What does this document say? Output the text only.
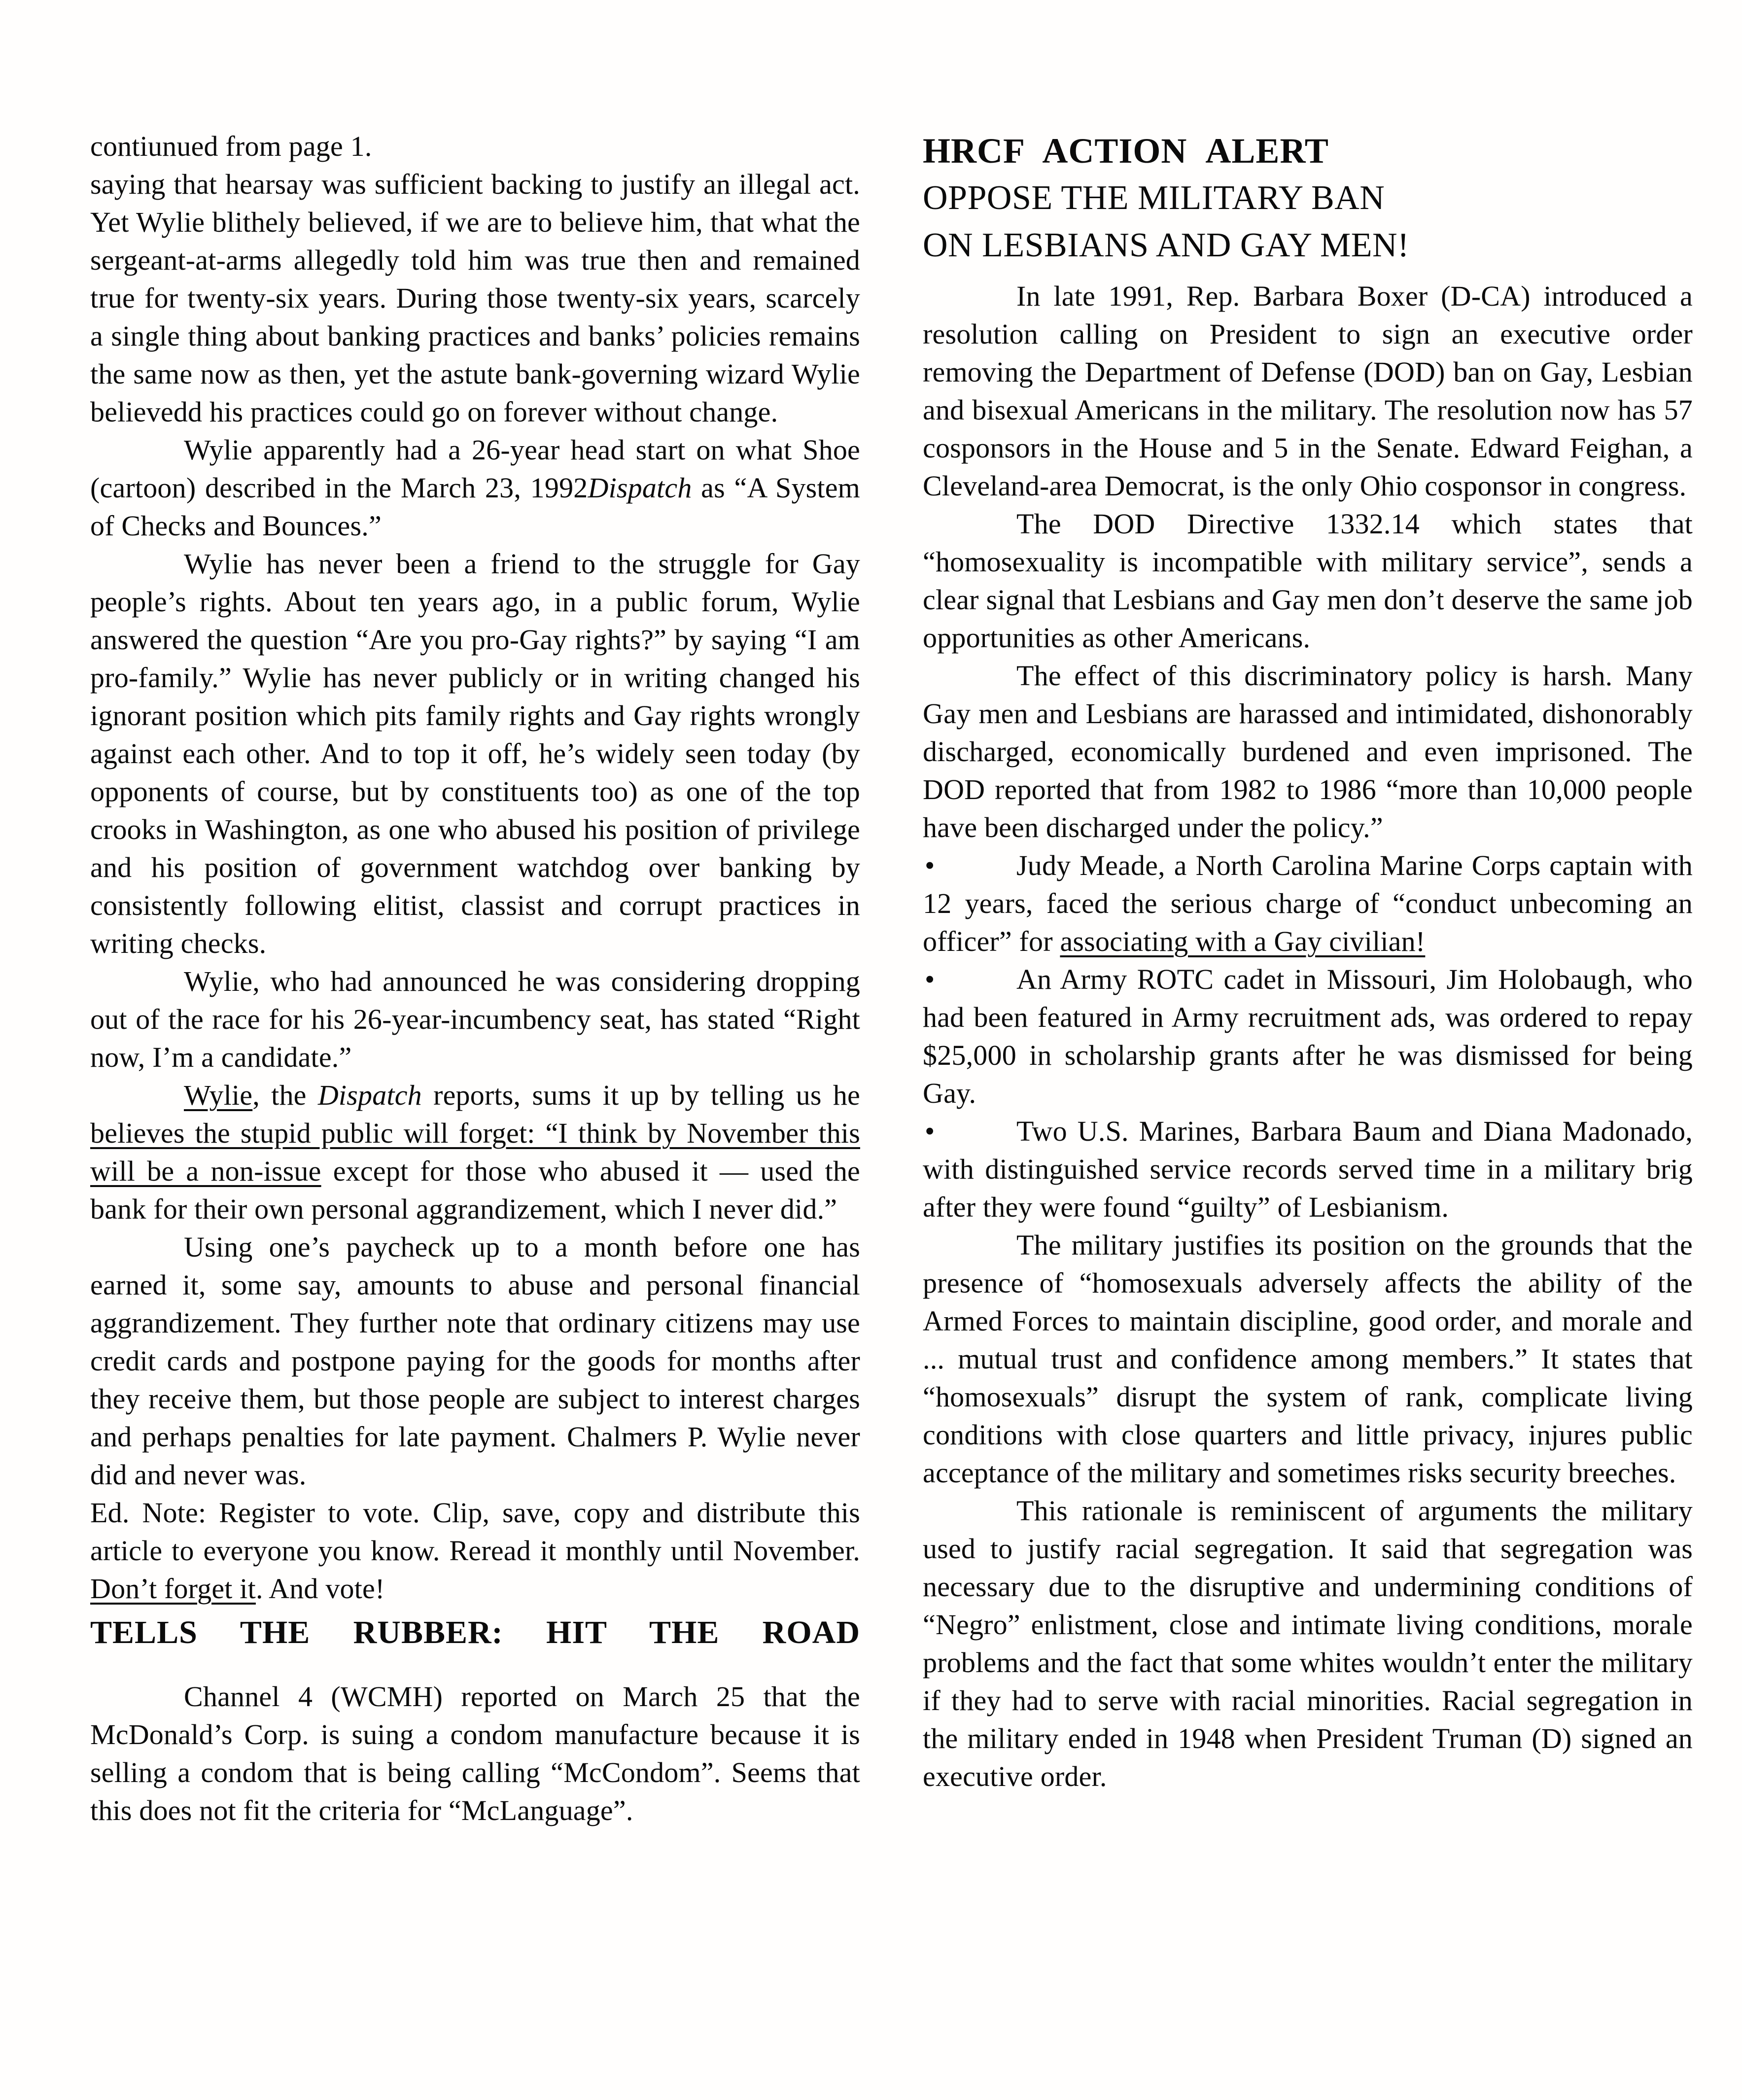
contiunued from page 1.

saying that hearsay was sufficient backing to justify an illegal act. Yet Wylie blithely believed, if we are to believe him, that what the sergeant-at-arms allegedly told him was true then and remained true for twenty-six years. During those twenty-six years, scarcely a single thing about banking practices and banks’ policies remains the same now as then, yet the astute bank-governing wizard Wylie believedd his practices could go on forever without change.

Wylie apparently had a 26-year head start on what Shoe (cartoon) described in the March 23, 1992Dispatch as “A System of Checks and Bounces.”

Wylie has never been a friend to the struggle for Gay people’s rights. About ten years ago, in a public forum, Wylie answered the question “Are you pro-Gay rights?” by saying “I am pro-family.” Wylie has never publicly or in writing changed his ignorant position which pits family rights and Gay rights wrongly against each other. And to top it off, he’s widely seen today (by opponents of course, but by constituents too) as one of the top crooks in Washington, as one who abused his position of privilege and his position of government watchdog over banking by consistently following elitist, classist and corrupt practices in writing checks.

Wylie, who had announced he was considering dropping out of the race for his 26-year-incumbency seat, has stated “Right now, I’m a candidate.”

Wylie, the Dispatch reports, sums it up by telling us he believes the stupid public will forget: “I think by November this will be a non-issue except for those who abused it — used the bank for their own personal aggrandizement, which I never did.”

Using one’s paycheck up to a month before one has earned it, some say, amounts to abuse and personal financial aggrandizement. They further note that ordinary citizens may use credit cards and postpone paying for the goods for months after they receive them, but those people are subject to interest charges and perhaps penalties for late payment. Chalmers P. Wylie never did and never was.

Ed. Note: Register to vote. Clip, save, copy and distribute this article to everyone you know. Reread it monthly until November. Don’t forget it. And vote!

TELLS THE RUBBER: HIT THE ROAD

Channel 4 (WCMH) reported on March 25 that the McDonald’s Corp. is suing a condom manufacture because it is selling a condom that is being calling “McCondom”. Seems that this does not fit the criteria for “McLanguage”.

HRCF ACTION ALERT
OPPOSE THE MILITARY BAN
ON LESBIANS AND GAY MEN!

In late 1991, Rep. Barbara Boxer (D-CA) introduced a resolution calling on President to sign an executive order removing the Department of Defense (DOD) ban on Gay, Lesbian and bisexual Americans in the military. The resolution now has 57 cosponsors in the House and 5 in the Senate. Edward Feighan, a Cleveland-area Democrat, is the only Ohio cosponsor in congress.

The DOD Directive 1332.14 which states that “homosexuality is incompatible with military service”, sends a clear signal that Lesbians and Gay men don’t deserve the same job opportunities as other Americans.

The effect of this discriminatory policy is harsh. Many Gay men and Lesbians are harassed and intimidated, dishonorably discharged, economically burdened and even imprisoned. The DOD reported that from 1982 to 1986 “more than 10,000 people have been discharged under the policy.”

•	Judy Meade, a North Carolina Marine Corps captain with 12 years, faced the serious charge of “conduct unbecoming an officer” for associating with a Gay civilian!

•	An Army ROTC cadet in Missouri, Jim Holobaugh, who had been featured in Army recruitment ads, was ordered to repay $25,000 in scholarship grants after he was dismissed for being Gay.

•	Two U.S. Marines, Barbara Baum and Diana Madonado, with distinguished service records served time in a military brig after they were found “guilty” of Lesbianism.

The military justifies its position on the grounds that the presence of “homosexuals adversely affects the ability of the Armed Forces to maintain discipline, good order, and morale and ... mutual trust and confidence among members.” It states that “homosexuals” disrupt the system of rank, complicate living conditions with close quarters and little privacy, injures public acceptance of the military and sometimes risks security breeches.

This rationale is reminiscent of arguments the military used to justify racial segregation. It said that segregation was necessary due to the disruptive and undermining conditions of “Negro” enlistment, close and intimate living conditions, morale problems and the fact that some whites wouldn’t enter the military if they had to serve with racial minorities. Racial segregation in the military ended in 1948 when President Truman (D) signed an executive order.
